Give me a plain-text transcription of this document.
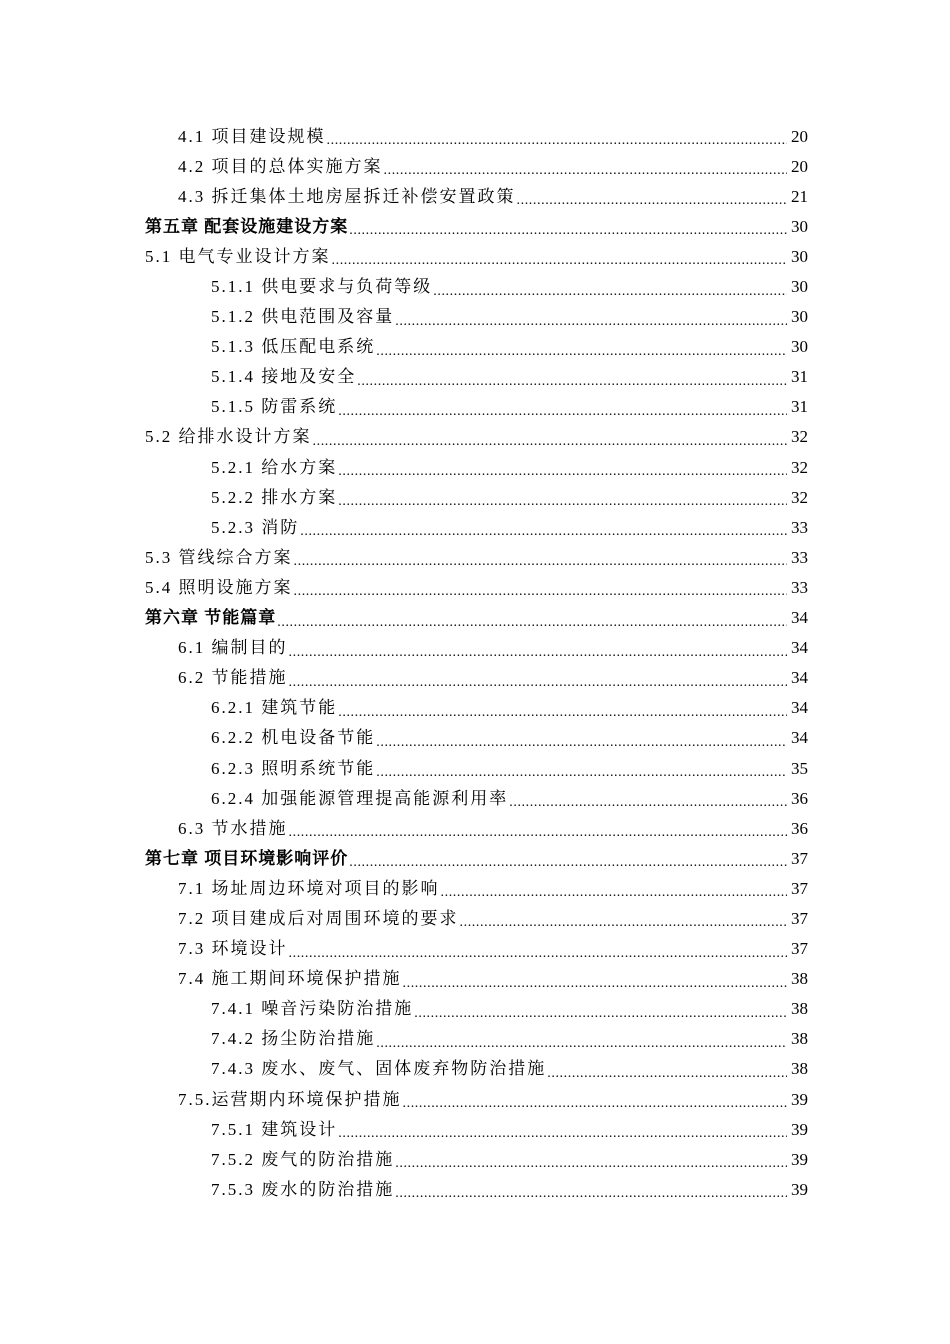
4.1 项目建设规模 .....	20
4.2 项目的总体实施方案 .....	20
4.3 拆迁集体土地房屋拆迁补偿安置政策 .....	21
第五章 配套设施建设方案 .....	30
5.1 电气专业设计方案 .....	30
5.1.1 供电要求与负荷等级 .....	30
5.1.2 供电范围及容量 .....	30
5.1.3 低压配电系统 .....	30
5.1.4 接地及安全 .....	31
5.1.5 防雷系统 .....	31
5.2 给排水设计方案 .....	32
5.2.1 给水方案 .....	32
5.2.2 排水方案 .....	32
5.2.3 消防 .....	33
5.3 管线综合方案 .....	33
5.4 照明设施方案 .....	33
第六章 节能篇章 .....	34
6.1 编制目的 .....	34
6.2 节能措施 .....	34
6.2.1 建筑节能 .....	34
6.2.2 机电设备节能 .....	34
6.2.3 照明系统节能 .....	35
6.2.4 加强能源管理提高能源利用率 .....	36
6.3 节水措施 .....	36
第七章 项目环境影响评价 .....	37
7.1 场址周边环境对项目的影响 .....	37
7.2 项目建成后对周围环境的要求 .....	37
7.3 环境设计 .....	37
7.4 施工期间环境保护措施 .....	38
7.4.1 噪音污染防治措施 .....	38
7.4.2 扬尘防治措施 .....	38
7.4.3 废水、废气、固体废弃物防治措施 .....	38
7.5.运营期内环境保护措施 .....	39
7.5.1 建筑设计 .....	39
7.5.2 废气的防治措施 .....	39
7.5.3 废水的防治措施 .....	39
